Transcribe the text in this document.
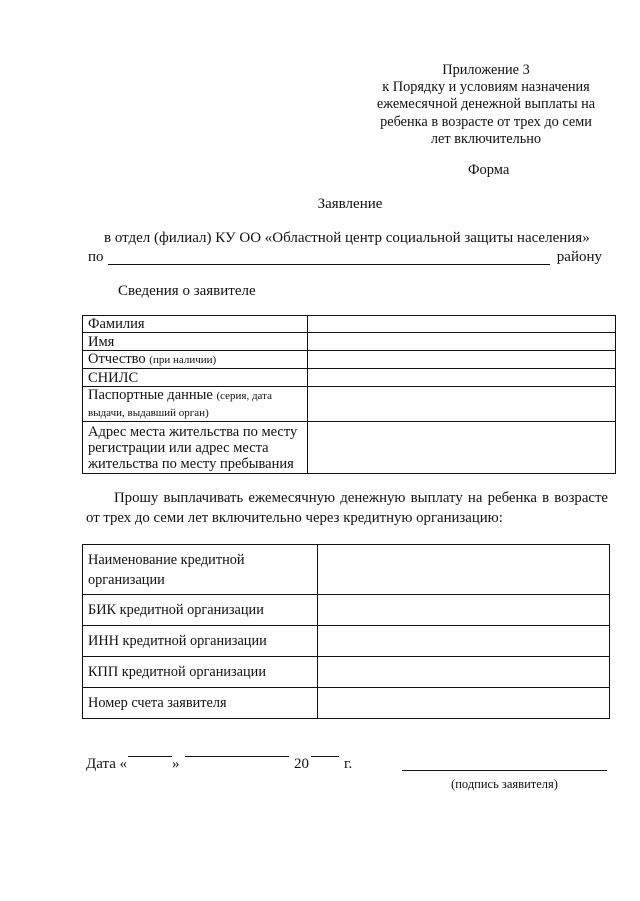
Приложение 3
к Порядку и условиям назначения
ежемесячной денежной выплаты на
ребенка в возрасте от трех до семи
лет включительно
Форма
Заявление
в отдел (филиал) КУ ОО «Областной центр социальной защиты населения»
по	району
Сведения о заявителе
Фамилия	
Имя	
Отчество (при наличии)	
СНИЛС	
Паспортные данные (серия, дата выдачи, выдавший орган)	
Адрес места жительства по месту регистрации или адрес места жительства по месту пребывания	
Прошу выплачивать ежемесячную денежную выплату на ребенка в возрасте от трех до семи лет включительно через кредитную организацию:
Наименование кредитной организации	
БИК кредитной организации	
ИНН кредитной организации	
КПП кредитной организации	
Номер счета заявителя	
Дата «	»	20 г.
(подпись заявителя)
